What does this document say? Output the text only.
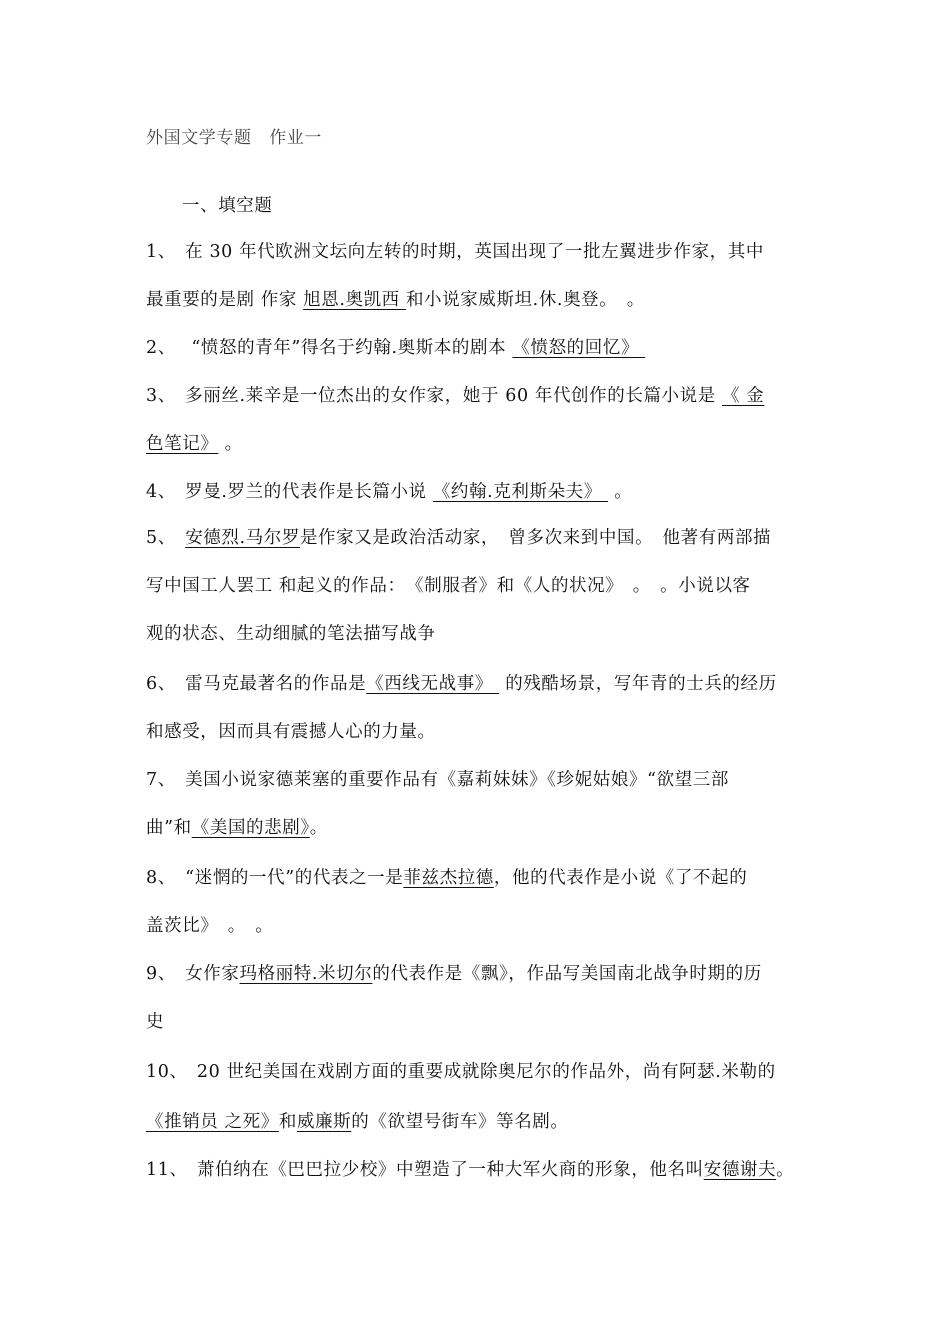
外国文学专题　作业一
一、填空题
1、　在 30 年代欧洲文坛向左转的时期，英国出现了一批左翼进步作家，其中
最重要的是剧 作家 旭恩.奥凯西 和小说家威斯坦.休.奥登。　。
2、　 “愤怒的青年”得名于约翰.奥斯本的剧本 《愤怒的回忆》
3、　多丽丝.莱辛是一位杰出的女作家，她于 60 年代创作的长篇小说是 《 金
色笔记》 。
4、　罗曼.罗兰的代表作是长篇小说 《约翰.克利斯朵夫》  。
5、　安德烈.马尔罗是作家又是政治活动家，　曾多次来到中国。　他著有两部描
写中国工人罢工 和起义的作品：　《制服者》和《人的状况》　。　。小说以客
观的状态、生动细腻的笔法描写战争
6、　雷马克最著名的作品是《西线无战事》  的残酷场景，写年青的士兵的经历
和感受，因而具有震撼人心的力量。
7、　美国小说家德莱塞的重要作品有《嘉莉妹妹》《珍妮姑娘》“欲望三部
曲”和《美国的悲剧》。
8、　“迷惘的一代”的代表之一是菲兹杰拉德，他的代表作是小说《了不起的
盖茨比》　。　。
9、　女作家玛格丽特.米切尔的代表作是《飘》，作品写美国南北战争时期的历
史
10、　20 世纪美国在戏剧方面的重要成就除奥尼尔的作品外，尚有阿瑟.米勒的
《推销员 之死》和威廉斯的《欲望号街车》等名剧。
11、　萧伯纳在《巴巴拉少校》中塑造了一种大军火商的形象，他名叫安德谢夫。
